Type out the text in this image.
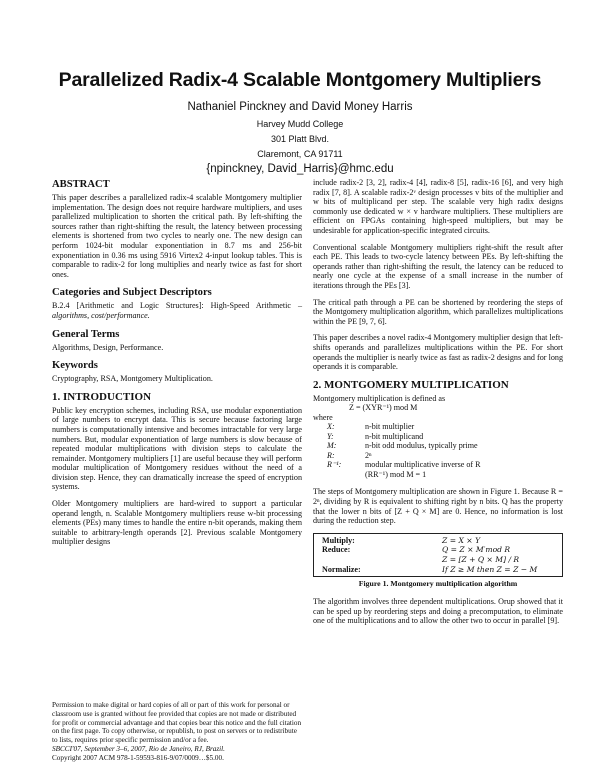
Parallelized Radix-4 Scalable Montgomery Multipliers
Nathaniel Pinckney and David Money Harris
Harvey Mudd College
301 Platt Blvd.
Claremont, CA 91711
{npinckney, David_Harris}@hmc.edu
ABSTRACT

This paper describes a parallelized radix-4 scalable Montgomery multiplier implementation. The design does not require hardware multipliers, and uses parallelized multiplication to shorten the critical path. By left-shifting the sources rather than right-shifting the result, the latency between processing elements is shortened from two cycles to nearly one. The new design can perform 1024-bit modular exponentiation in 8.7 ms and 256-bit exponentiation in 0.36 ms using 5916 Virtex2 4-input lookup tables. This is comparable to radix-2 for long multiplies and nearly twice as fast for short ones.

Categories and Subject Descriptors

B.2.4 [Arithmetic and Logic Structures]: High-Speed Arithmetic – algorithms, cost/performance.

General Terms

Algorithms, Design, Performance.

Keywords

Cryptography, RSA, Montgomery Multiplication.

1. INTRODUCTION

Public key encryption schemes, including RSA, use modular exponentiation of large numbers to encrypt data. This is secure because factoring large numbers is computationally intensive and becomes intractable for very large numbers. But, modular exponentiation of large numbers is slow because of repeated modular multiplications with division steps to calculate the remainder. Montgomery multipliers [1] are useful because they will perform modular multiplication of Montgomery residues without the need of a division step. Hence, they can dramatically increase the speed of encryption systems.

Older Montgomery multipliers are hard-wired to support a particular operand length, n. Scalable Montgomery multipliers reuse w-bit processing elements (PEs) many times to handle the entire n-bit operands, making them suitable to arbitrary-length operands [2]. Previous scalable Montgomery multiplier designs

Permission to make digital or hard copies of all or part of this work for personal or classroom use is granted without fee provided that copies are not made or distributed for profit or commercial advantage and that copies bear this notice and the full citation on the first page. To copy otherwise, or republish, to post on servers or to redistribute to lists, requires prior specific permission and/or a fee.

SBCCI'07, September 3–6, 2007, Rio de Janeiro, RJ, Brazil.

Copyright 2007 ACM 978-1-59593-816-9/07/0009…$5.00.

include radix-2 [3, 2], radix-4 [4], radix-8 [5], radix-16 [6], and very high radix [7, 8]. A scalable radix-2ᵛ design processes v bits of the multiplier and w bits of multiplicand per step. The scalable very high radix designs commonly use dedicated w × v hardware multipliers. These multipliers are efficient on FPGAs containing high-speed multipliers, but may be undesirable for application-specific integrated circuits.

Conventional scalable Montgomery multipliers right-shift the result after each PE. This leads to two-cycle latency between PEs. By left-shifting the operands rather than right-shifting the result, the latency can be reduced to nearly one cycle at the expense of a small increase in the number of iterations through the PEs [3].

The critical path through a PE can be shortened by reordering the steps of the Montgomery multiplication algorithm, which parallelizes multiplications within the PE [9, 7, 6].

This paper describes a novel radix-4 Montgomery multiplier design that left-shifts operands and parallelizes multiplications within the PE. For short operands the multiplier is nearly twice as fast as radix-2 designs and for long operands it is comparable.

2. MONTGOMERY MULTIPLICATION

Montgomery multiplication is defined as

Z = (XYR⁻¹) mod M

where

X:	n-bit multiplier
Y:	n-bit multiplicand
M:	n-bit odd modulus, typically prime
R:	2ⁿ
R⁻¹:	modular multiplicative inverse of R
(RR⁻¹) mod M = 1

The steps of Montgomery multiplication are shown in Figure 1. Because R = 2ⁿ, dividing by R is equivalent to shifting right by n bits. Q has the property that the lower n bits of [Z + Q × M] are 0. Hence, no information is lost during the reduction step.

Multiply:	Z = X × Y
Reduce:	Q = Z × M′mod R
Z = [Z + Q × M] / R
Normalize:	If Z ≥ M then Z = Z − M
Figure 1. Montgomery multiplication algorithm

The algorithm involves three dependent multiplications. Orup showed that it can be sped up by reordering steps and doing a precomputation, to eliminate one of the multiplications and to allow the other two to occur in parallel [9].
